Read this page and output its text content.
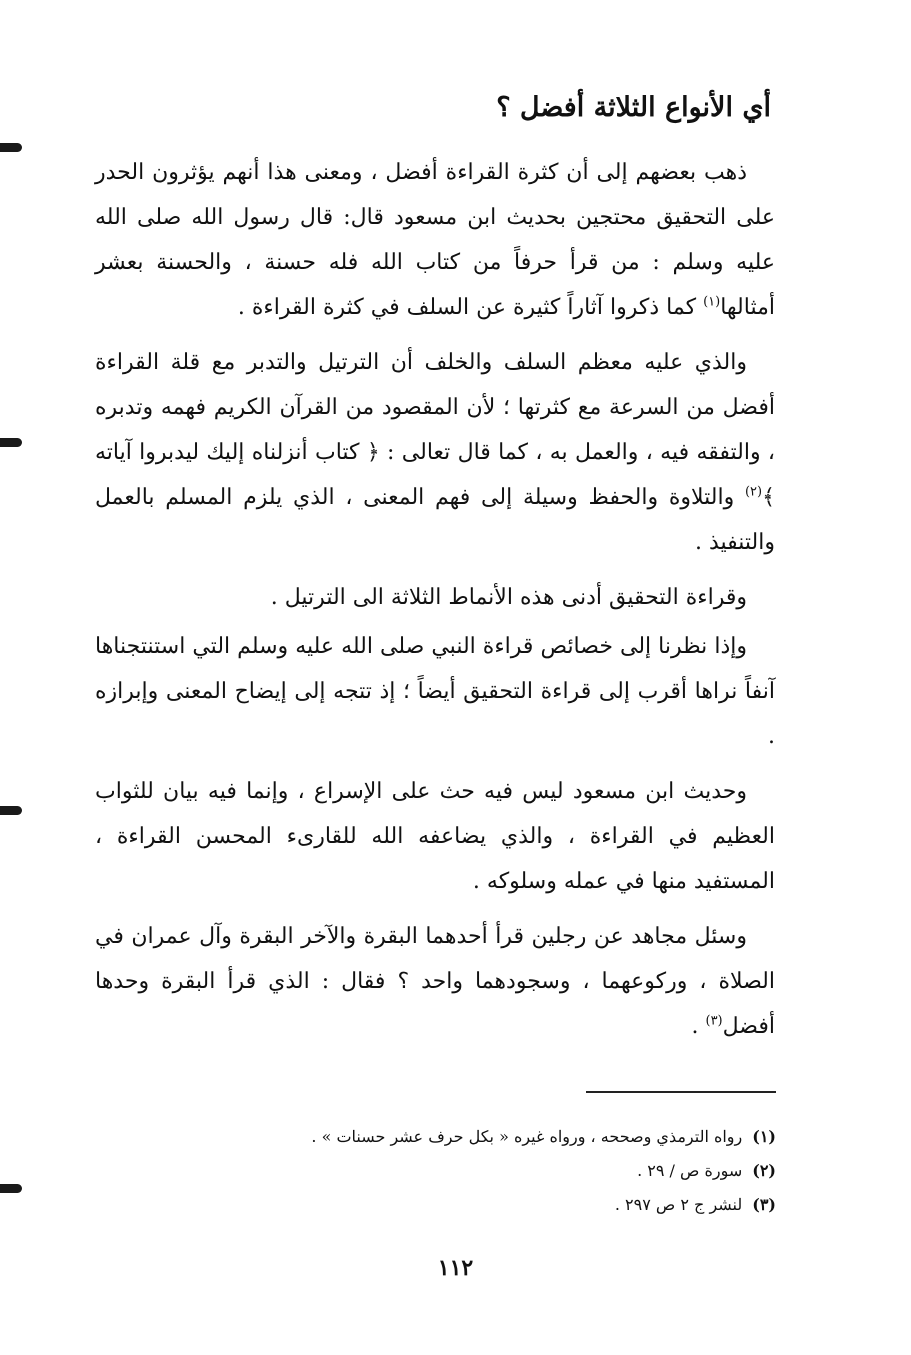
أي الأنواع الثلاثة أفضل ؟

ذهب بعضهم إلى أن كثرة القراءة أفضل ، ومعنى هذا أنهم يؤثرون الحدر على التحقيق محتجين بحديث ابن مسعود قال: قال رسول الله صلى الله عليه وسلم : من قرأ حرفاً من كتاب الله فله حسنة ، والحسنة بعشر أمثالها$^{(١)}$ كما ذكروا آثاراً كثيرة عن السلف في كثرة القراءة .

والذي عليه معظم السلف والخلف أن الترتيل والتدبر مع قلة القراءة أفضل من السرعة مع كثرتها ؛ لأن المقصود من القرآن الكريم فهمه وتدبره ، والتفقه فيه ، والعمل به ، كما قال تعالى : ﴿ كتاب أنزلناه إليك ليدبروا آياته ﴾$^{(٢)}$ والتلاوة والحفظ وسيلة إلى فهم المعنى ، الذي يلزم المسلم بالعمل والتنفيذ .

وقراءة التحقيق أدنى هذه الأنماط الثلاثة الى الترتيل .

وإذا نظرنا إلى خصائص قراءة النبي صلى الله عليه وسلم التي استنتجناها آنفاً نراها أقرب إلى قراءة التحقيق أيضاً ؛ إذ تتجه إلى إيضاح المعنى وإبرازه .

وحديث ابن مسعود ليس فيه حث على الإسراع ، وإنما فيه بيان للثواب العظيم في القراءة ، والذي يضاعفه الله للقارىء المحسن القراءة ، المستفيد منها في عمله وسلوكه .

وسئل مجاهد عن رجلين قرأ أحدهما البقرة والآخر البقرة وآل عمران في الصلاة ، وركوعهما ، وسجودهما واحد ؟ فقال : الذي قرأ البقرة وحدها أفضل$^{(٣)}$ .

(١)رواه الترمذي وصححه ، ورواه غيره « بكل حرف عشر حسنات » .

(٢)سورة ص / ٢٩ .

(٣)لنشر ج ٢ ص ٢٩٧ .

١١٢
